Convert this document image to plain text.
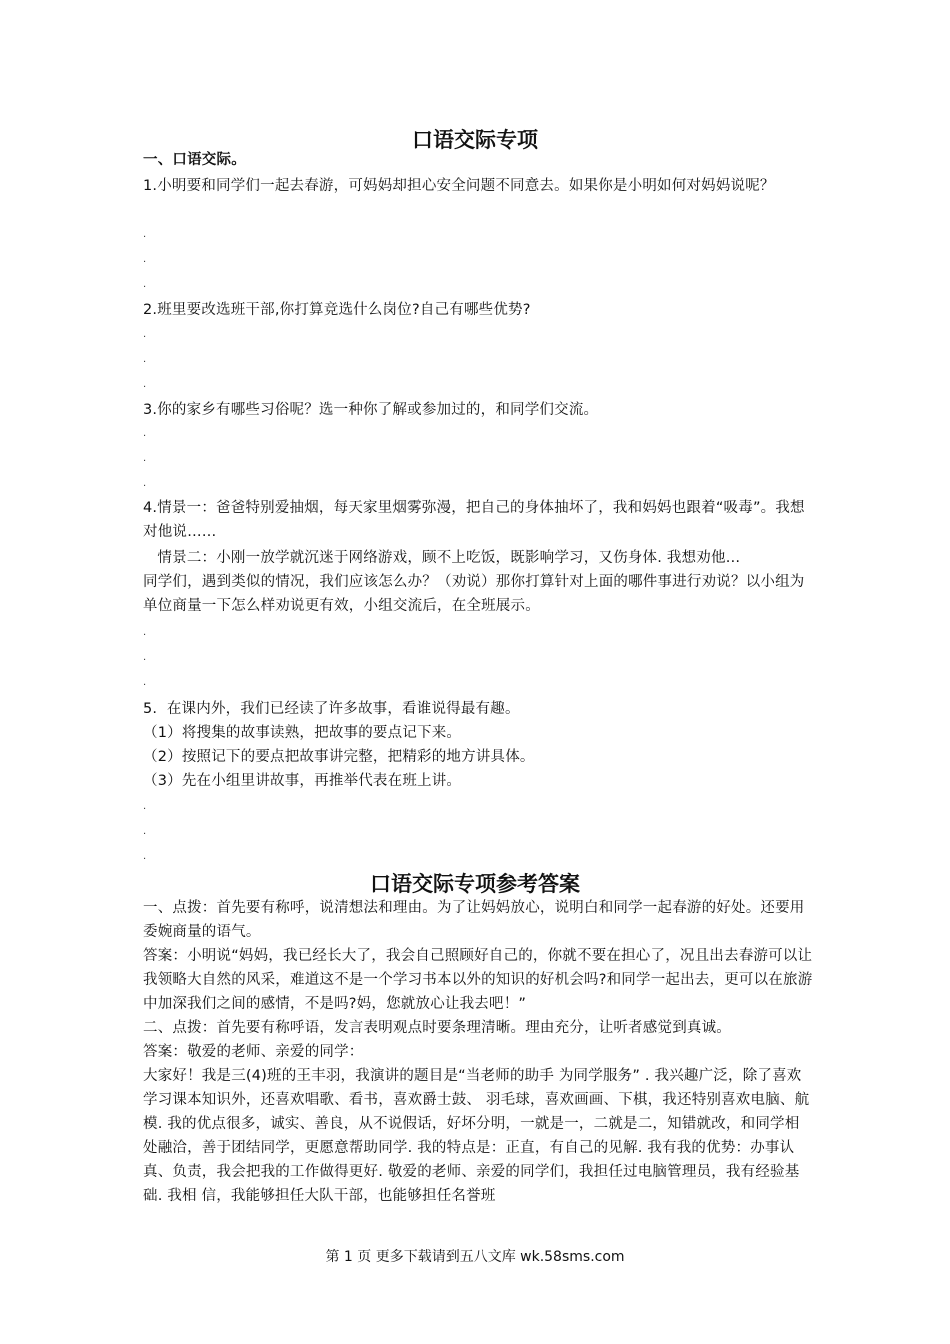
口语交际专项
一、口语交际。
1.小明要和同学们一起去春游，可妈妈却担心安全问题不同意去。如果你是小明如何对妈妈说呢？
·
·
·
2.班里要改选班干部,你打算竞选什么岗位?自己有哪些优势?
·
·
·
3.你的家乡有哪些习俗呢？选一种你了解或参加过的，和同学们交流。
·
·
·
4.情景一：爸爸特别爱抽烟，每天家里烟雾弥漫，把自己的身体抽坏了，我和妈妈也跟着“吸毒”。我想对他说……
情景二：小刚一放学就沉迷于网络游戏，顾不上吃饭，既影响学习，又伤身体. 我想劝他…
同学们，遇到类似的情况，我们应该怎么办？（劝说）那你打算针对上面的哪件事进行劝说？以小组为单位商量一下怎么样劝说更有效，小组交流后，在全班展示。
·
·
·
5.  在课内外，我们已经读了许多故事，看谁说得最有趣。
（1）将搜集的故事读熟，把故事的要点记下来。
（2）按照记下的要点把故事讲完整，把精彩的地方讲具体。
（3）先在小组里讲故事，再推举代表在班上讲。
·
·
·
口语交际专项参考答案
一、点拨：首先要有称呼，说清想法和理由。为了让妈妈放心，说明白和同学一起春游的好处。还要用委婉商量的语气。
答案：小明说“妈妈，我已经长大了，我会自己照顾好自己的，你就不要在担心了，况且出去春游可以让我领略大自然的风采，难道这不是一个学习书本以外的知识的好机会吗?和同学一起出去，更可以在旅游中加深我们之间的感情，不是吗?妈，您就放心让我去吧！”
二、点拨：首先要有称呼语，发言表明观点时要条理清晰。理由充分，让听者感觉到真诚。
答案：敬爱的老师、亲爱的同学：
大家好！我是三(4)班的王丰羽，我演讲的题目是“当老师的助手 为同学服务” . 我兴趣广泛，除了喜欢学习课本知识外，还喜欢唱歌、看书，喜欢爵士鼓、 羽毛球，喜欢画画、下棋，我还特别喜欢电脑、航模. 我的优点很多，诚实、善良，从不说假话，好坏分明，一就是一，二就是二，知错就改，和同学相处融洽，善于团结同学，更愿意帮助同学. 我的特点是：正直，有自己的见解. 我有我的优势：办事认真、负责，我会把我的工作做得更好. 敬爱的老师、亲爱的同学们，我担任过电脑管理员，我有经验基础. 我相 信，我能够担任大队干部，也能够担任名誉班
第 1 页 更多下载请到五八文库 wk.58sms.com
